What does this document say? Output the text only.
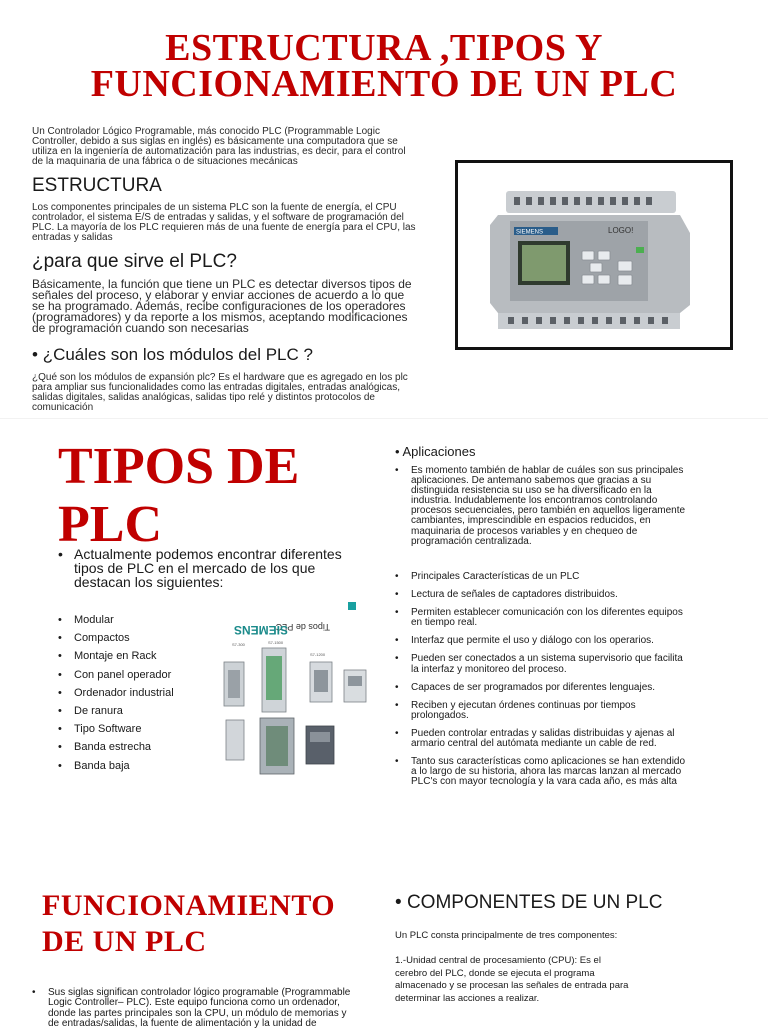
ESTRUCTURA ,TIPOS Y
FUNCIONAMIENTO DE UN PLC
Un Controlador Lógico Programable, más conocido PLC (Programmable Logic
Controller, debido a sus siglas en inglés) es básicamente una computadora que se
utiliza en la ingeniería de automatización para las industrias, es decir, para el control
de la maquinaria de una fábrica o de situaciones mecánicas
ESTRUCTURA
Los componentes principales de un sistema PLC son la fuente de energía, el CPU
controlador, el sistema E/S de entradas y salidas, y el software de programación del
PLC. La mayoría de los PLC requieren más de una fuente de energía para el CPU, las
entradas y salidas
¿para que sirve el PLC?
Básicamente, la función que tiene un PLC es detectar diversos tipos de
señales del proceso, y elaborar y enviar acciones de acuerdo a lo que
se ha programado. Además, recibe configuraciones de los operadores
(programadores) y da reporte a los mismos, aceptando modificaciones
de programación cuando son necesarias
• ¿Cuáles son los módulos del PLC ?
¿Qué son los módulos de expansión plc? Es el hardware que es agregado en los plc
para ampliar sus funcionalidades como las entradas digitales, entradas analógicas,
salidas digitales, salidas analógicas, salidas tipo relé y distintos protocolos de
comunicación
SIEMENS	LOGO!
TIPOS DE
PLC
• Actualmente podemos encontrar diferentes
tipos de PLC en el mercado de los que
destacan los siguientes:
• Modular
• Compactos
• Montaje en Rack
• Con panel operador
• Ordenador industrial
• De ranura
• Tipo Software
• Banda estrecha
• Banda baja
Tipos de PLC
SIEMENS
S7-300	S7-1500
S7-1200
• Aplicaciones
• Es momento también de hablar de cuáles son sus principales
aplicaciones. De antemano sabemos que gracias a su
distinguida resistencia su uso se ha diversificado en la
industria. Indudablemente los encontramos controlando
procesos secuenciales, pero también en aquellos ligeramente
cambiantes, imprescindible en espacios reducidos, en
maquinaria de procesos variables y en chequeo de
programación centralizada.
• Principales Características de un PLC
• Lectura de señales de captadores distribuidos.
• Permiten establecer comunicación con los diferentes equipos
en tiempo real.
• Interfaz que permite el uso y diálogo con los operarios.
• Pueden ser conectados a un sistema supervisorio que facilita
la interfaz y monitoreo del proceso.
• Capaces de ser programados por diferentes lenguajes.
• Reciben y ejecutan órdenes continuas por tiempos
prolongados.
• Pueden controlar entradas y salidas distribuidas y ajenas al
armario central del autómata mediante un cable de red.
• Tanto sus características como aplicaciones se han extendido
a lo largo de su historia, ahora las marcas lanzan al mercado
PLC's con mayor tecnología y la vara cada año, es más alta
FUNCIONAMIENTO
DE UN PLC
• Sus siglas significan controlador lógico programable (Programmable
Logic Controller– PLC). Este equipo funciona como un ordenador,
donde las partes principales son la CPU, un módulo de memorias y
de entradas/salidas, la fuente de alimentación y la unidad de
• COMPONENTES DE UN PLC
Un PLC consta principalmente de tres componentes:
1.-Unidad central de procesamiento (CPU): Es el
cerebro del PLC, donde se ejecuta el programa
almacenado y se procesan las señales de entrada para
determinar las acciones a realizar.
